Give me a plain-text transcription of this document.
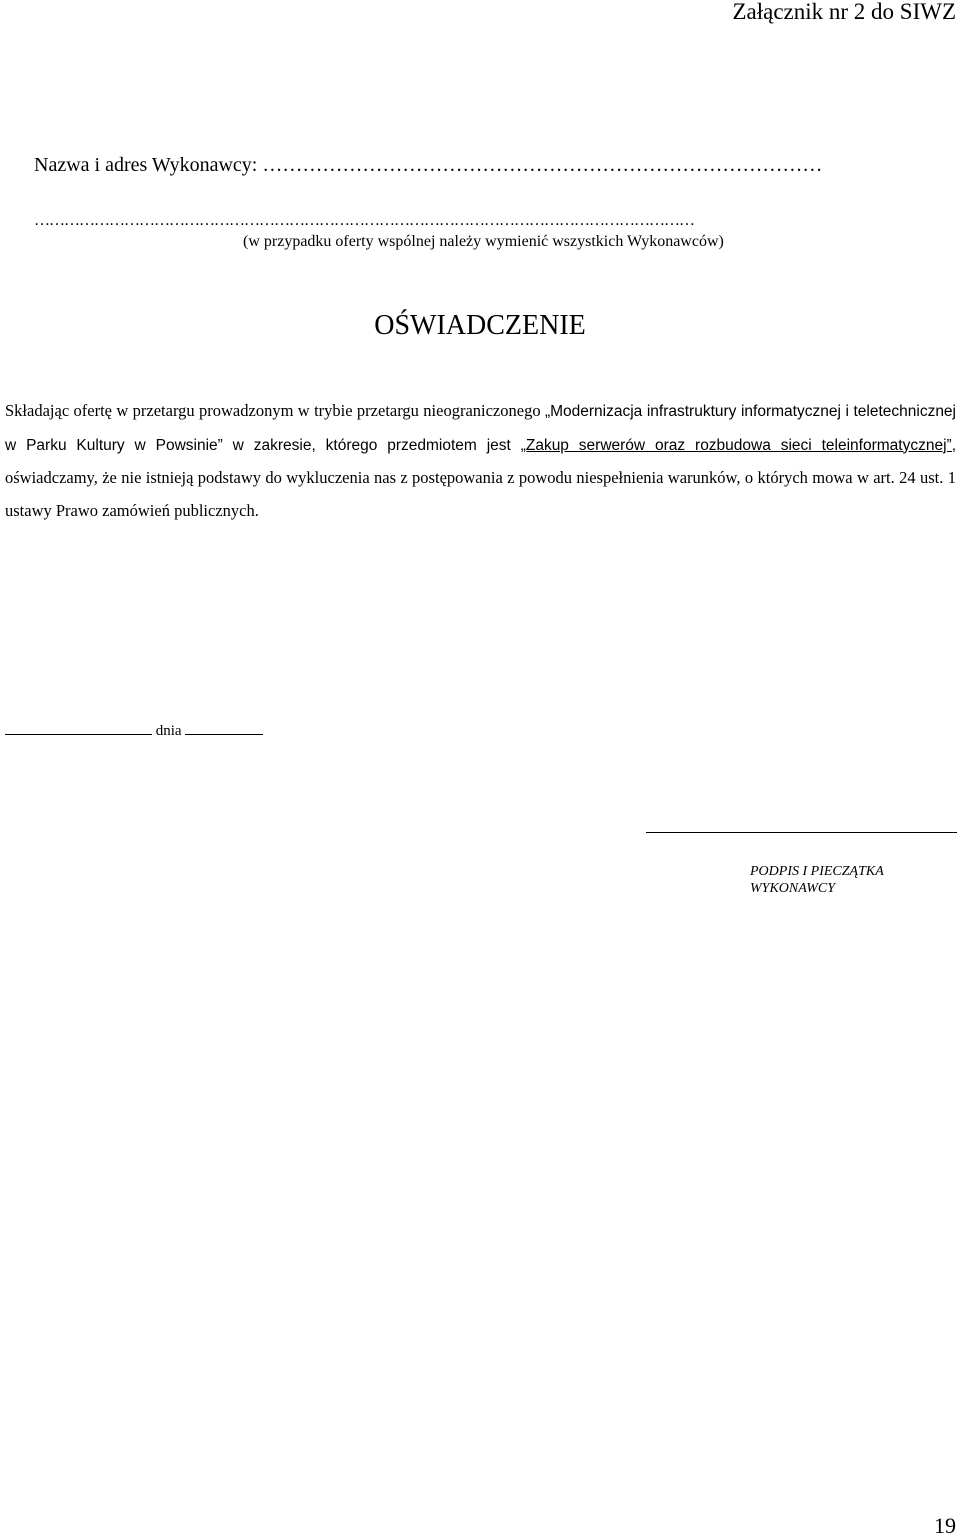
Załącznik nr 2 do SIWZ
Nazwa i adres Wykonawcy: …………………………………………………………………………
……………………………………………………………………………………………………………………
(w przypadku oferty wspólnej należy wymienić wszystkich Wykonawców)
OŚWIADCZENIE

Składając ofertę w przetargu prowadzonym w trybie przetargu nieograniczonego „Modernizacja infrastruktury informatycznej i teletechnicznej w Parku Kultury w Powsinie” w zakresie, którego przedmiotem jest „Zakup serwerów oraz rozbudowa sieci teleinformatycznej”, oświadczamy, że nie istnieją podstawy do wykluczenia nas z postępowania z powodu niespełnienia warunków, o których mowa w art. 24 ust. 1 ustawy Prawo zamówień publicznych.

dnia
PODPIS I PIECZĄTKA
WYKONAWCY
19
